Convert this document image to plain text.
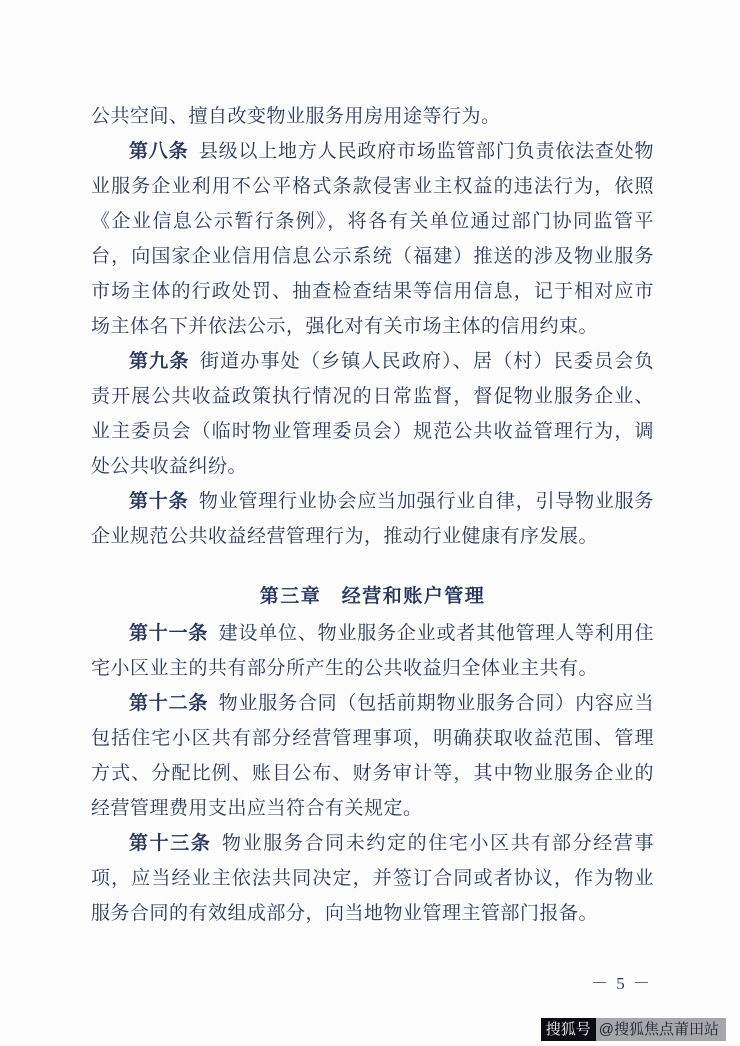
公共空间、擅自改变物业服务用房用途等行为。

第八条 县级以上地方人民政府市场监管部门负责依法查处物业服务企业利用不公平格式条款侵害业主权益的违法行为，依照《企业信息公示暂行条例》，将各有关单位通过部门协同监管平台，向国家企业信用信息公示系统（福建）推送的涉及物业服务市场主体的行政处罚、抽查检查结果等信用信息，记于相对应市场主体名下并依法公示，强化对有关市场主体的信用约束。

第九条 街道办事处（乡镇人民政府）、居（村）民委员会负责开展公共收益政策执行情况的日常监督，督促物业服务企业、业主委员会（临时物业管理委员会）规范公共收益管理行为，调处公共收益纠纷。

第十条 物业管理行业协会应当加强行业自律，引导物业服务企业规范公共收益经营管理行为，推动行业健康有序发展。

第三章　经营和账户管理

第十一条 建设单位、物业服务企业或者其他管理人等利用住宅小区业主的共有部分所产生的公共收益归全体业主共有。

第十二条 物业服务合同（包括前期物业服务合同）内容应当包括住宅小区共有部分经营管理事项，明确获取收益范围、管理方式、分配比例、账目公布、财务审计等，其中物业服务企业的经营管理费用支出应当符合有关规定。

第十三条 物业服务合同未约定的住宅小区共有部分经营事项，应当经业主依法共同决定，并签订合同或者协议，作为物业服务合同的有效组成部分，向当地物业管理主管部门报备。

－ 5 －
搜狐号 @搜狐焦点莆田站
